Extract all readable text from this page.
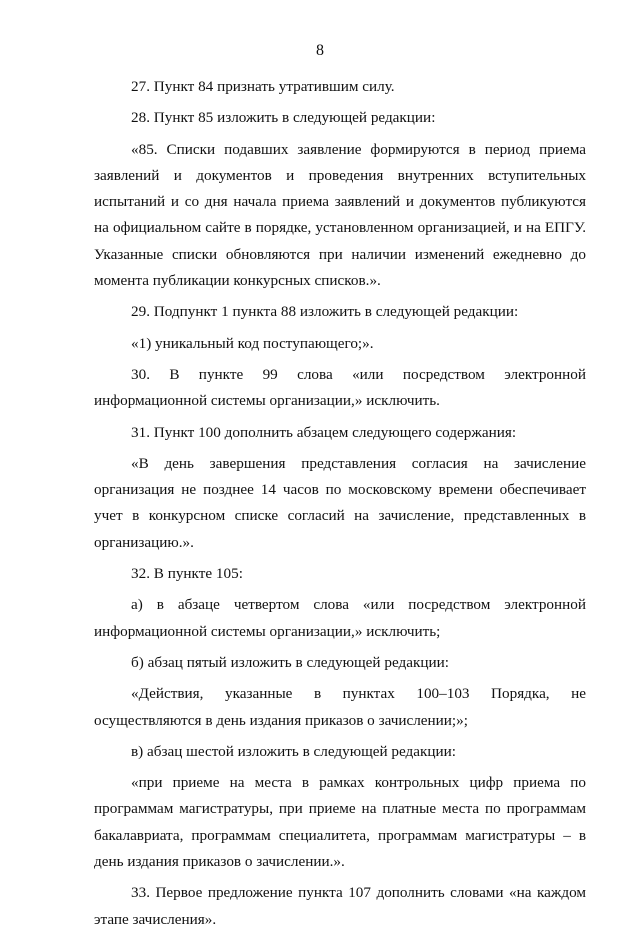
8

27. Пункт 84 признать утратившим силу.

28. Пункт 85 изложить в следующей редакции:

«85. Списки подавших заявление формируются в период приема заявлений и документов и проведения внутренних вступительных испытаний и со дня начала приема заявлений и документов публикуются на официальном сайте в порядке, установленном организацией, и на ЕПГУ. Указанные списки обновляются при наличии изменений ежедневно до момента публикации конкурсных списков.».

29. Подпункт 1 пункта 88 изложить в следующей редакции:

«1) уникальный код поступающего;».

30. В пункте 99 слова «или посредством электронной информационной системы организации,» исключить.

31. Пункт 100 дополнить абзацем следующего содержания:

«В день завершения представления согласия на зачисление организация не позднее 14 часов по московскому времени обеспечивает учет в конкурсном списке согласий на зачисление, представленных в организацию.».

32. В пункте 105:

а) в абзаце четвертом слова «или посредством электронной информационной системы организации,» исключить;

б) абзац пятый изложить в следующей редакции:

«Действия, указанные в пунктах 100–103 Порядка, не осуществляются в день издания приказов о зачислении;»;

в) абзац шестой изложить в следующей редакции:

«при приеме на места в рамках контрольных цифр приема по программам магистратуры, при приеме на платные места по программам бакалавриата, программам специалитета, программам магистратуры – в день издания приказов о зачислении.».

33. Первое предложение пункта 107 дополнить словами «на каждом этапе зачисления».
